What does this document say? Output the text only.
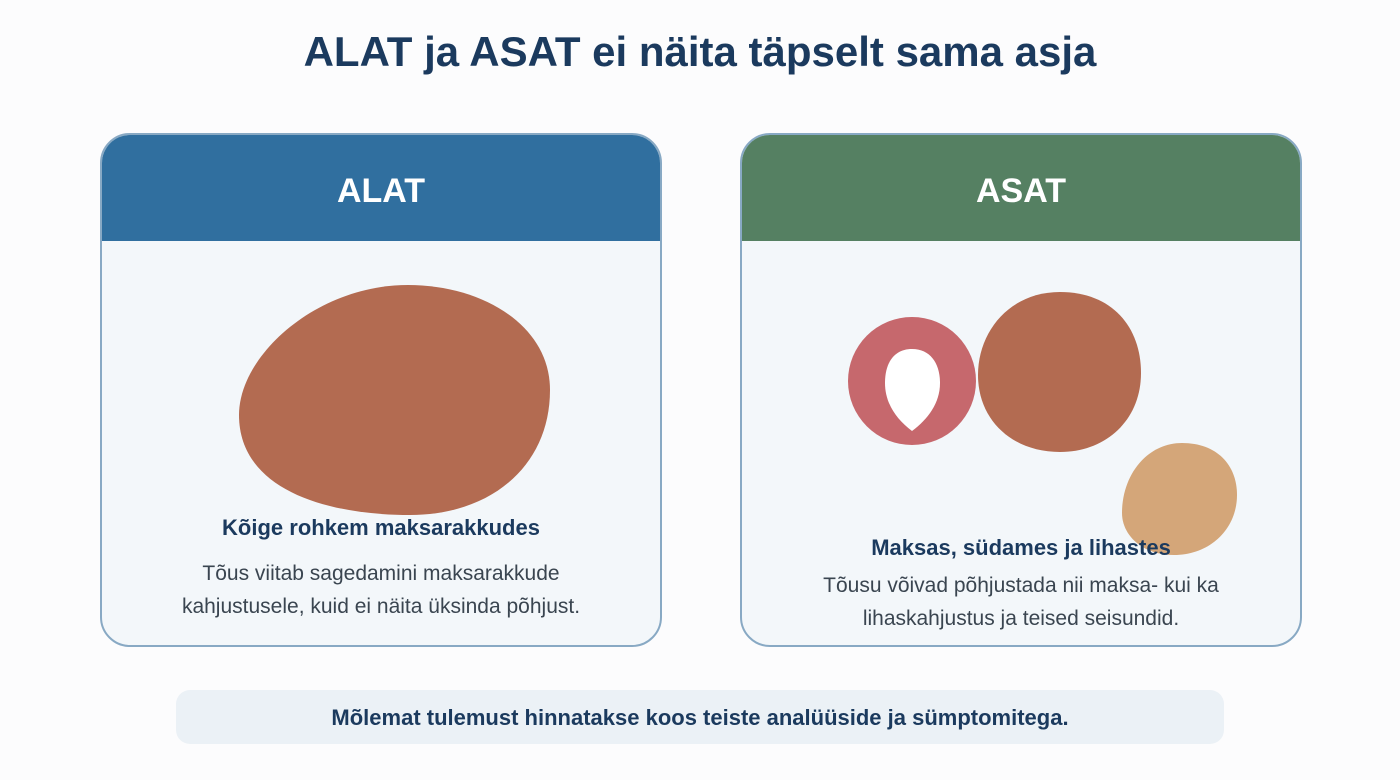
ALAT ja ASAT ei näita täpselt sama asja
ALAT
Kõige rohkem maksarakkudes
Tõus viitab sagedamini maksarakkude
kahjustusele, kuid ei näita üksinda põhjust.
ASAT
Maksas, südames ja lihastes
Tõusu võivad põhjustada nii maksa- kui ka
lihaskahjustus ja teised seisundid.
Mõlemat tulemust hinnatakse koos teiste analüüside ja sümptomitega.
